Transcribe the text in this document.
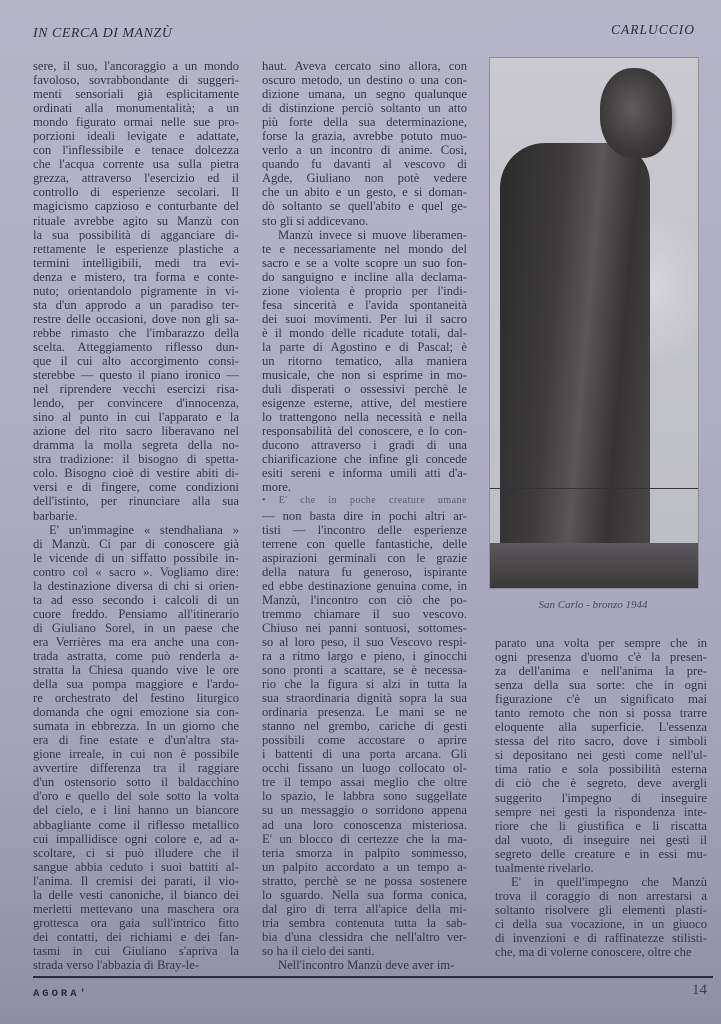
IN CERCA DI MANZÙ	CARLUCCIO

sere, il suo, l'ancoraggio a un mondo
favoloso, sovrabbondante di suggeri-
menti sensoriali già esplicitamente
ordinati alla monumentalità; a un
mondo figurato ormai nelle sue pro-
porzioni ideali levigate e adattate,
con l'inflessibile e tenace dolcezza
che l'acqua corrente usa sulla pietra
grezza, attraverso l'esercizio ed il
controllo di esperienze secolari. Il
magicismo capzioso e conturbante del
rituale avrebbe agito su Manzù con
la sua possibilità di agganciare di-
rettamente le esperienze plastiche a
termini intelligibili, medi tra evi-
denza e mistero, tra forma e conte-
nuto; orientandolo pigramente in vi-
sta d'un approdo a un paradiso ter-
restre delle occasioni, dove non gli sa-
rebbe rimasto che l'imbarazzo della
scelta. Atteggiamento riflesso dun-
que il cui alto accorgimento consi-
sterebbe — questo il piano ironico —
nel riprendere vecchi esercizi risa-
lendo, per convincere d'innocenza,
sino al punto in cui l'apparato e la
azione del rito sacro liberavano nel
dramma la molla segreta della no-
stra tradizione: il bisogno di spetta-
colo. Bisogno cioè di vestire abiti di-
versi e di fingere, come condizioni
dell'istinto, per rinunciare alla sua
barbarie.

E' un'immagine « stendhaliana »
di Manzù. Ci par di conoscere già
le vicende di un siffatto possibile in-
contro col « sacro ». Vogliamo dire:
la destinazione diversa di chi si orien-
ta ad esso secondo i calcoli di un
cuore freddo. Pensiamo all'itinerario
di Giuliano Sorel, in un paese che
era Verrières ma era anche una con-
trada astratta, come può renderla a-
stratta la Chiesa quando vive le ore
della sua pompa maggiore e l'ardo-
re orchestrato del festino liturgico
domanda che ogni emozione sia con-
sumata in ebbrezza. In un giorno che
era di fine estate e d'un'altra sta-
gione irreale, in cui non è possibile
avvertire differenza tra il raggiare
d'un ostensorio sotto il baldacchino
d'oro e quello del sole sotto la volta
del cielo, e i lini hanno un biancore
abbagliante come il riflesso metallico
cui impallidisce ogni colore e, ad a-
scoltare, ci si può illudere che il
sangue abbia ceduto i suoi battiti al-
l'anima. Il cremisi dei parati, il vio-
la delle vesti canoniche, il bianco dei
merletti mettevano una maschera ora
grottesca ora gaia sull'intrico fitto
dei contatti, dei richiami e dei fan-
tasmi in cui Giuliano s'apriva la
strada verso l'abbazia di Bray-le-

haut. Aveva cercato sino allora, con
oscuro metodo, un destino o una con-
dizione umana, un segno qualunque
di distinzione perciò soltanto un atto
più forte della sua determinazione,
forse la grazia, avrebbe potuto muo-
verlo a un incontro di anime. Così,
quando fu davanti al vescovo di
Agde, Giuliano non potè vedere
che un abito e un gesto, e si doman-
dò soltanto se quell'abito e quel ge-
sto gli si addicevano.

Manzù invece si muove liberamen-
te e necessariamente nel mondo del
sacro e se a volte scopre un suo fon-
do sanguigno e incline alla declama-
zione violenta è proprio per l'indi-
fesa sincerità e l'avida spontaneità
dei suoi movimenti. Per lui il sacro
è il mondo delle ricadute totali, dal-
la parte di Agostino e di Pascal; è
un ritorno tematico, alla maniera
musicale, che non si esprime in mo-
duli disperati o ossessivi perchè le
esigenze esterne, attive, del mestiere
lo trattengono nella necessità e nella
responsabilità del conoscere, e lo con-
ducono attraverso i gradi di una
chiarificazione che infine gli concede
esiti sereni e informa umili atti d'a-
more.

• E' che in poche creature umane
— non basta dire in pochi altri ar-
tisti — l'incontro delle esperienze
terrene con quelle fantastiche, delle
aspirazioni germinali con le grazie
della natura fu generoso, ispirante
ed ebbe destinazione genuina come, in
Manzù, l'incontro con ciò che po-
tremmo chiamare il suo vescovo.
Chiuso nei panni sontuosi, sottomes-
so al loro peso, il suo Vescovo respi-
ra a ritmo largo e pieno, i ginocchi
sono pronti a scattare, se è necessa-
rio che la figura si alzi in tutta la
sua straordinaria dignità sopra la sua
ordinaria presenza. Le mani se ne
stanno nel grembo, cariche di gesti
possibili come accostare o aprire
i battenti di una porta arcana. Gli
occhi fissano un luogo collocato ol-
tre il tempo assai meglio che oltre
lo spazio, le labbra sono suggellate
su un messaggio o sorridono appena
ad una loro conoscenza misteriosa.
E' un blocco di certezze che la ma-
teria smorza in palpito sommesso,
un palpito accordato a un tempo a-
stratto, perchè se ne possa sostenere
lo sguardo. Nella sua forma conica,
dal giro di terra all'apice della mi-
tria sembra contenuta tutta la sab-
bia d'una clessidra che nell'altro ver-
so ha il cielo dei santi.

Nell'incontro Manzù deve aver im-

San Carlo - bronzo 1944

parato una volta per sempre che in
ogni presenza d'uomo c'è la presen-
za dell'anima e nell'anima la pre-
senza della sua sorte: che in ogni
figurazione c'è un significato mai
tanto remoto che non si possa trarre
eloquente alla superficie. L'essenza
stessa del rito sacro, dove i simboli
si depositano nei gesti come nell'ul-
tima ratio e sola possibilità esterna
di ciò che è segreto, deve avergli
suggerito l'impegno di inseguire
sempre nei gesti la rispondenza inte-
riore che li giustifica e li riscatta
dal vuoto, di inseguire nei gesti il
segreto delle creature e in essi mu-
tualmente rivelarlo.

E' in quell'impegno che Manzù
trova il coraggio di non arrestarsi a
soltanto risolvere gli elementi plasti-
ci della sua vocazione, in un giuoco
di invenzioni e di raffinatezze stilisti-
che, ma di volerne conoscere, oltre che

AGORA'	14
